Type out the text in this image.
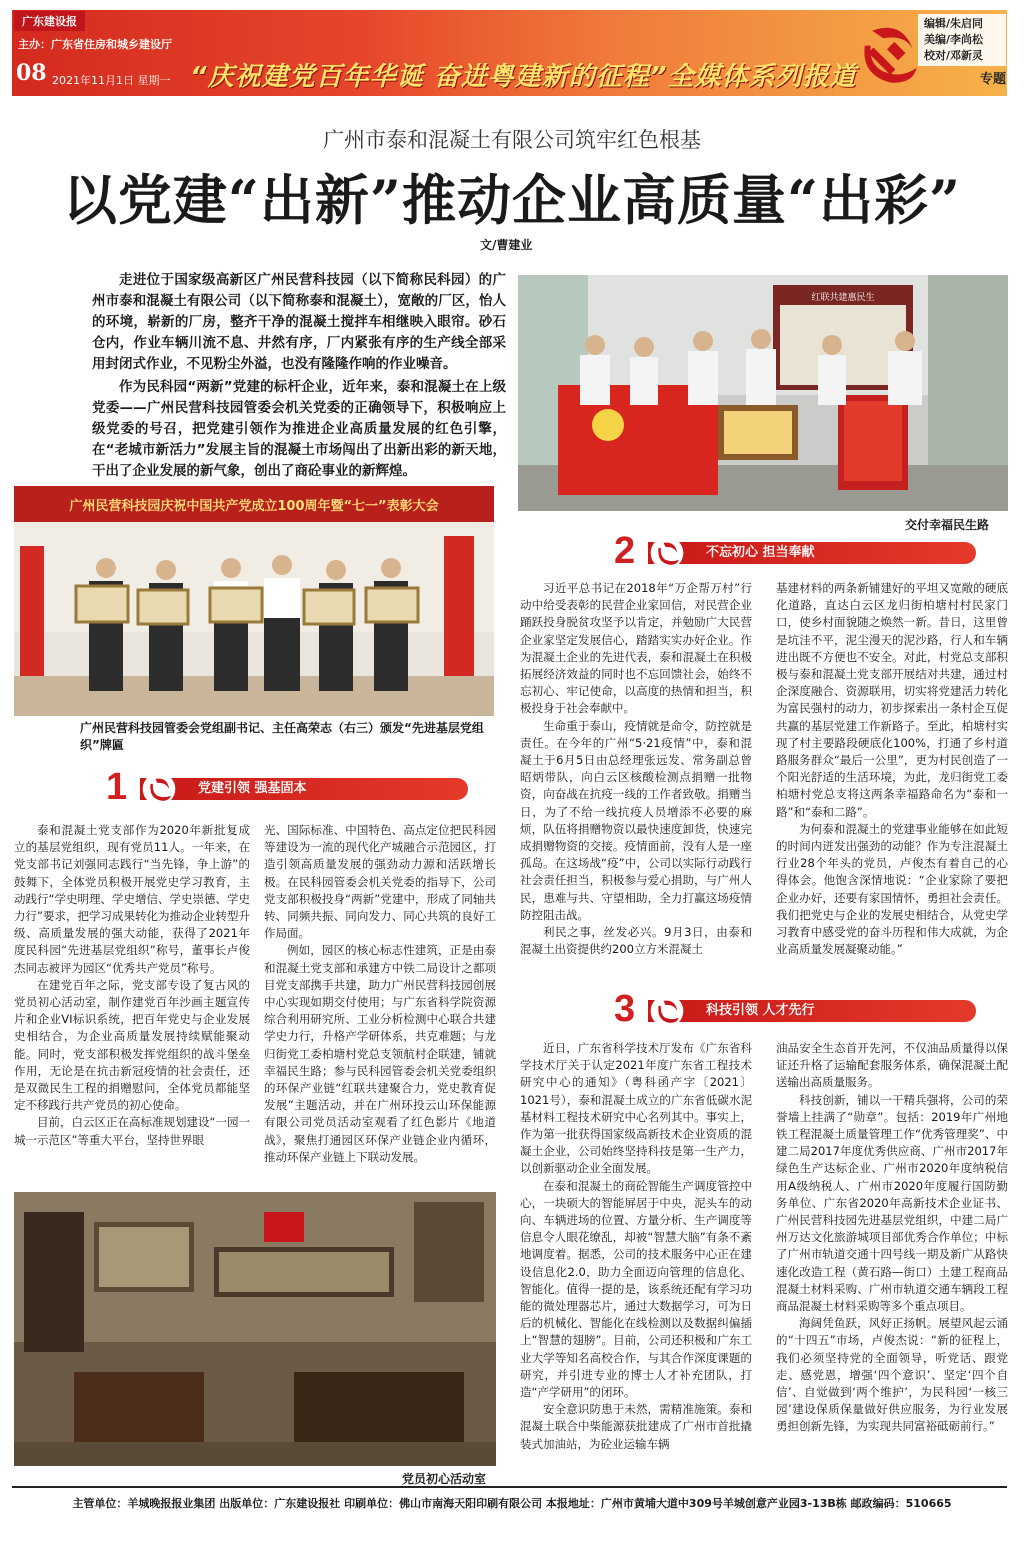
广东建设报
主办：广东省住房和城乡建设厅
08 2021年11月1日 星期一 “庆祝建党百年华诞 奋进粤建新的征程”全媒体系列报道
编辑/朱启同
美编/李尚松
校对/邓新灵
专题
广州市泰和混凝土有限公司筑牢红色根基
以党建“出新”推动企业高质量“出彩”
文/曹建业

走进位于国家级高新区广州民营科技园（以下简称民科园）的广州市泰和混凝土有限公司（以下简称泰和混凝土），宽敞的厂区，怡人的环境，崭新的厂房，整齐干净的混凝土搅拌车相继映入眼帘。砂石仓内，作业车辆川流不息、井然有序，厂内紧张有序的生产线全部采用封闭式作业，不见粉尘外溢，也没有隆隆作响的作业噪音。

作为民科园“两新”党建的标杆企业，近年来，泰和混凝土在上级党委——广州民营科技园管委会机关党委的正确领导下，积极响应上级党委的号召，把党建引领作为推进企业高质量发展的红色引擎，在“老城市新活力”发展主旨的混凝土市场闯出了出新出彩的新天地，干出了企业发展的新气象，创出了商砼事业的新辉煌。

红联共建惠民生
交付幸福民生路
广州民营科技园庆祝中国共产党成立100周年暨“七一”表彰大会
广州民营科技园管委会党组副书记、主任高荣志（右三）颁发“先进基层党组织”牌匾
1	党建引领 强基固本

泰和混凝土党支部作为2020年新批复成立的基层党组织，现有党员11人。一年来，在党支部书记刘强同志践行“当先锋，争上游”的鼓舞下，全体党员积极开展党史学习教育，主动践行“学史明理、学史增信、学史崇德、学史力行”要求，把学习成果转化为推动企业转型升级、高质量发展的强大动能，获得了2021年度民科园“先进基层党组织”称号，董事长卢俊杰同志被评为园区“优秀共产党员”称号。

在建党百年之际，党支部专设了复古风的党员初心活动室，制作建党百年沙画主题宣传片和企业VI标识系统，把百年党史与企业发展史相结合，为企业高质量发展持续赋能聚动能。同时，党支部积极发挥党组织的战斗堡垒作用，无论是在抗击新冠疫情的社会责任，还是双微民生工程的捐赠慰问，全体党员都能坚定不移践行共产党员的初心使命。

目前，白云区正在高标准规划建设“一园一城一示范区”等重大平台，坚持世界眼

光、国际标准、中国特色、高点定位把民科园等建设为一流的现代化产城融合示范园区，打造引领高质量发展的强劲动力源和活跃增长极。在民科园管委会机关党委的指导下，公司党支部积极投身“两新”党建中，形成了同轴共转、同频共振、同向发力、同心共筑的良好工作局面。

例如，园区的核心标志性建筑，正是由泰和混凝土党支部和承建方中铁二局设计之都项目党支部携手共建，助力广州民营科技园创展中心实现如期交付使用；与广东省科学院资源综合利用研究所、工业分析检测中心联合共建学史力行，升格产学研体系，共克难题；与龙归街党工委柏塘村党总支领航村企联建，铺就幸福民生路；参与民科园管委会机关党委组织的环保产业链“红联共建聚合力，党史教育促发展”主题活动，并在广州环投云山环保能源有限公司党员活动室观看了红色影片《地道战》，聚焦打通园区环保产业链企业内循环，推动环保产业链上下联动发展。

党员初心活动室
2	不忘初心 担当奉献

习近平总书记在2018年“万企帮万村”行动中给受表彰的民营企业家回信，对民营企业踊跃投身脱贫攻坚予以肯定，并勉励广大民营企业家坚定发展信心，踏踏实实办好企业。作为混凝土企业的先进代表，泰和混凝土在积极拓展经济效益的同时也不忘回馈社会，始终不忘初心、牢记使命，以高度的热情和担当，积极投身于社会奉献中。

生命重于泰山，疫情就是命令，防控就是责任。在今年的广州“5·21疫情”中，泰和混凝土于6月5日由总经理张远发、常务副总曾昭炳带队，向白云区核酸检测点捐赠一批物资，向奋战在抗疫一线的工作者致敬。捐赠当日，为了不给一线抗疫人员增添不必要的麻烦，队伍将捐赠物资以最快速度卸货，快速完成捐赠物资的交接。疫情面前，没有人是一座孤岛。在这场战“疫”中，公司以实际行动践行社会责任担当，积极参与爱心捐助，与广州人民，患难与共、守望相助，全力打赢这场疫情防控阻击战。

利民之事，丝发必兴。9月3日，由泰和混凝土出资提供约200立方米混凝土

基建材料的两条新铺建好的平坦又宽敞的硬底化道路，直达白云区龙归街柏塘村村民家门口，使乡村面貌随之焕然一新。昔日，这里曾是坑洼不平，泥尘漫天的泥沙路，行人和车辆进出既不方便也不安全。对此，村党总支部积极与泰和混凝土党支部开展结对共建，通过村企深度融合、资源联用，切实将党建活力转化为富民强村的动力，初步探索出一条村企互促共赢的基层党建工作新路子。至此，柏塘村实现了村主要路段硬底化100%，打通了乡村道路服务群众“最后一公里”，更为村民创造了一个阳光舒适的生活环境，为此，龙归街党工委柏塘村党总支将这两条幸福路命名为“泰和一路”和“泰和二路”。

为何泰和混凝土的党建事业能够在如此短的时间内迸发出强劲的动能？作为专注混凝土行业28个年头的党员，卢俊杰有着自己的心得体会。他饱含深情地说：“企业家除了要把企业办好，还要有家国情怀，勇担社会责任。我们把党史与企业的发展史相结合，从党史学习教育中感受党的奋斗历程和伟大成就，为企业高质量发展凝聚动能。”

3	科技引领 人才先行

近日，广东省科学技术厅发布《广东省科学技术厅关于认定2021年度广东省工程技术研究中心的通知》（粤科函产字〔2021〕1021号），泰和混凝土成立的广东省低碳水泥基材料工程技术研究中心名列其中。事实上，作为第一批获得国家级高新技术企业资质的混凝土企业，公司始终坚持科技是第一生产力，以创新驱动企业全面发展。

在泰和混凝土的商砼智能生产调度管控中心，一块硕大的智能屏居于中央，泥头车的动向、车辆进场的位置、方量分析、生产调度等信息令人眼花缭乱，却被“智慧大脑”有条不紊地调度着。据悉，公司的技术服务中心正在建设信息化2.0，助力全面迈向管理的信息化、智能化。值得一提的是，该系统还配有学习功能的微处理器芯片，通过大数据学习，可为日后的机械化、智能化在线检测以及数据纠偏插上“智慧的翅膀”。目前，公司还积极和广东工业大学等知名高校合作，与其合作深度课题的研究，并引进专业的博士人才补充团队，打造“产学研用”的闭环。

安全意识防患于未然，需精准施策。泰和混凝土联合中柴能源获批建成了广州市首批撬装式加油站，为砼业运输车辆

油品安全生态首开先河，不仅油品质量得以保证还升格了运输配套服务体系，确保混凝土配送输出高质量服务。

科技创新，铺以一干精兵强将，公司的荣誉墙上挂满了“勋章”。包括：2019年广州地铁工程混凝土质量管理工作“优秀管理奖”、中建二局2017年度优秀供应商、广州市2017年绿色生产达标企业、广州市2020年度纳税信用A级纳税人、广州市2020年度履行国防勤务单位、广东省2020年高新技术企业证书、广州民营科技园先进基层党组织，中建二局广州万达文化旅游城项目部优秀合作单位；中标了广州市轨道交通十四号线一期及新广从路快速化改造工程（黄石路—街口）土建工程商品混凝土材料采购、广州市轨道交通车辆段工程商品混凝土材料采购等多个重点项目。

海阔凭鱼跃，风好正扬帆。展望风起云涌的“十四五”市场，卢俊杰说：“新的征程上，我们必须坚持党的全面领导，听党话、跟党走、感党恩，增强‘四个意识’、坚定‘四个自信’、自觉做到‘两个维护’，为民科园‘一核三园’建设保质保量做好供应服务，为行业发展勇担创新先锋，为实现共同富裕砥砺前行。”

主管单位：羊城晚报报业集团 出版单位：广东建设报社 印刷单位：佛山市南海天阳印刷有限公司 本报地址：广州市黄埔大道中309号羊城创意产业园3-13B栋 邮政编码：510665
